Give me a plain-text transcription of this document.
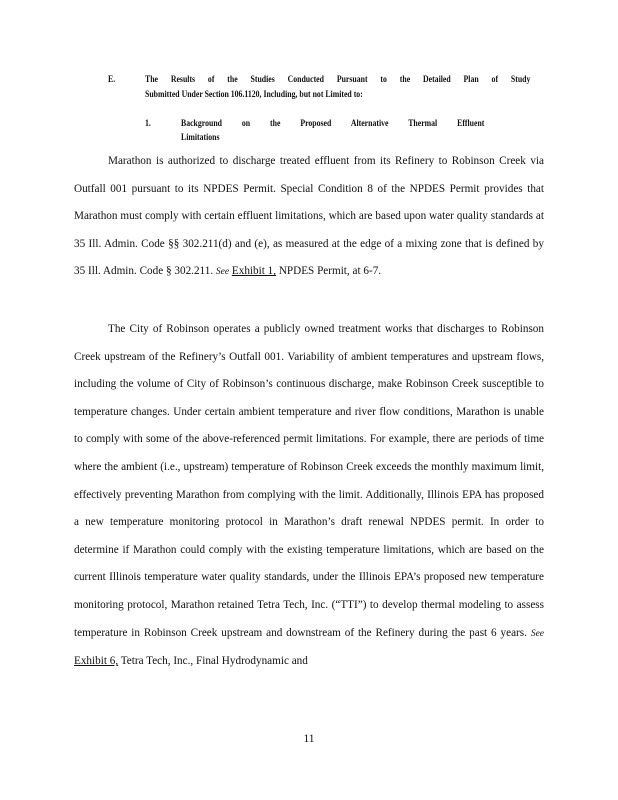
E.	The Results of the Studies Conducted Pursuant to the Detailed Plan of Study
Submitted Under Section 106.1120, Including, but not Limited to:
1.	Background on the Proposed Alternative Thermal Effluent
Limitations

Marathon is authorized to discharge treated effluent from its Refinery to Robinson Creek via Outfall 001 pursuant to its NPDES Permit. Special Condition 8 of the NPDES Permit provides that Marathon must comply with certain effluent limitations, which are based upon water quality standards at 35 Ill. Admin. Code §§ 302.211(d) and (e), as measured at the edge of a mixing zone that is defined by 35 Ill. Admin. Code § 302.211. See Exhibit 1, NPDES Permit, at 6-7.

The City of Robinson operates a publicly owned treatment works that discharges to Robinson Creek upstream of the Refinery’s Outfall 001. Variability of ambient temperatures and upstream flows, including the volume of City of Robinson’s continuous discharge, make Robinson Creek susceptible to temperature changes. Under certain ambient temperature and river flow conditions, Marathon is unable to comply with some of the above-referenced permit limitations. For example, there are periods of time where the ambient (i.e., upstream) temperature of Robinson Creek exceeds the monthly maximum limit, effectively preventing Marathon from complying with the limit. Additionally, Illinois EPA has proposed a new temperature monitoring protocol in Marathon’s draft renewal NPDES permit. In order to determine if Marathon could comply with the existing temperature limitations, which are based on the current Illinois temperature water quality standards, under the Illinois EPA’s proposed new temperature monitoring protocol, Marathon retained Tetra Tech, Inc. (“TTI”) to develop thermal modeling to assess temperature in Robinson Creek upstream and downstream of the Refinery during the past 6 years. See Exhibit 6, Tetra Tech, Inc., Final Hydrodynamic and

11
